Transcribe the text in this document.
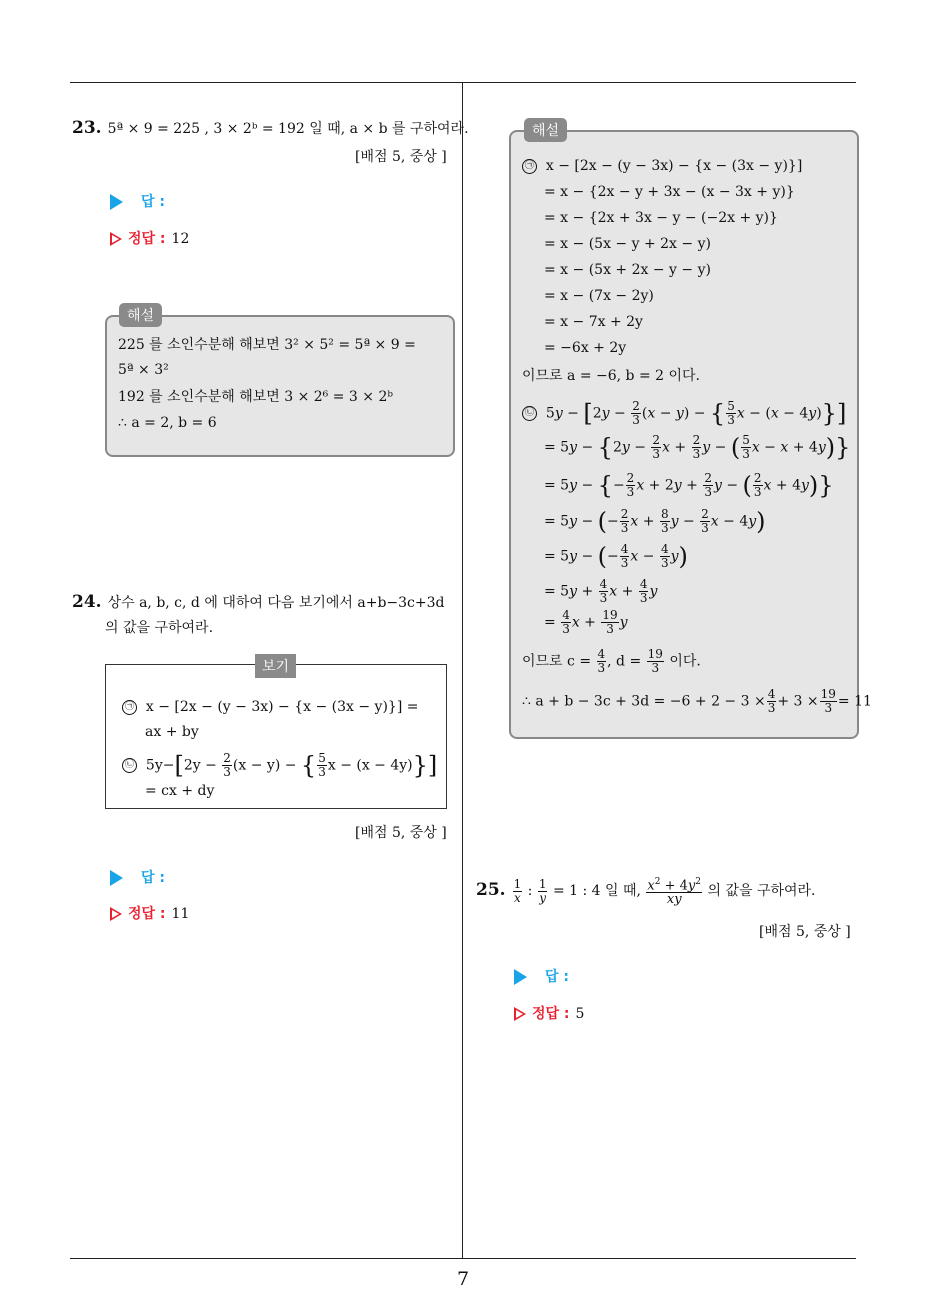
7
23. 5ª × 9 = 225 , 3 × 2ᵇ = 192 일 때, a × b 를 구하여라.
[배점 5, 중상 ]
답 :
정답 : 12
해설
225 를 소인수분해 해보면 3² × 5² = 5ª × 9 =
5ª × 3²
192 를 소인수분해 해보면 3 × 2⁶ = 3 × 2ᵇ
∴ a = 2, b = 6
24. 상수 a, b, c, d 에 대하여 다음 보기에서 a+b−3c+3d
의 값을 구하여라.
보기
㉠ x − [2x − (y − 3x) − {x − (3x − y)}] =
ax + by
㉡ $5y-[2y - \frac{2}{3} (x - y)$ − { $\frac{5}{3}$ x − (x − 4y)}]
= cx + dy
[배점 5, 중상 ]
답 :
정답 : 11
해설
㉠ x − [2x − (y − 3x) − {x − (3x − y)}]
= x − {2x − y + 3x − (x − 3x + y)}
= x − {2x + 3x − y − (−2x + y)}
= x − (5x − y + 2x − y)
= x − (5x + 2x − y − y)
= x − (7x − 2y)
= x − 7x + 2y
= −6x + 2y
이므로 a = −6, b = 2 이다.
㉡  $5y - [2y - \frac{2}{3} (x - y)$ − { $\frac{5}{3}$ x − (x − 4y)}]
= $5y - \{2y - \frac{2}{3}$ $x + \frac{2}{3}$ y − ( $\frac{5}{3}$ x − x + 4y)}
= 5y − {− $\frac{2}{3}$ $x + 2y + \frac{2}{3}$ y − ( $\frac{2}{3}$ x + 4y)}
= 5y − (− $\frac{2}{3}$ $x + \frac{8}{3}$ $y - \frac{2}{3}$ x − 4y)
= 5y − (− $\frac{4}{3}$ $x - \frac{4}{3} y$)
= $5y + \frac{4}{3}$ $x + \frac{4}{3}$ y
= $\frac{4}{3}$ $x + \frac{19}{3}$ y
이므로 $c = \frac{4}{3}$ , $d = \frac{19}{3}$ 이다.
∴ $a + b - 3c + 3d = -6 + 2 - 3 \times \frac{4}{3} + 3 \times \frac{19}{3} = 11$
25. $\frac{1}{x}$ : $\frac{1}{y} = 1$ : 4 일 때, $\frac{x^2 + 4y^2}{xy}$ 의 값을 구하여라.
[배점 5, 중상 ]
답 :
정답 : 5
